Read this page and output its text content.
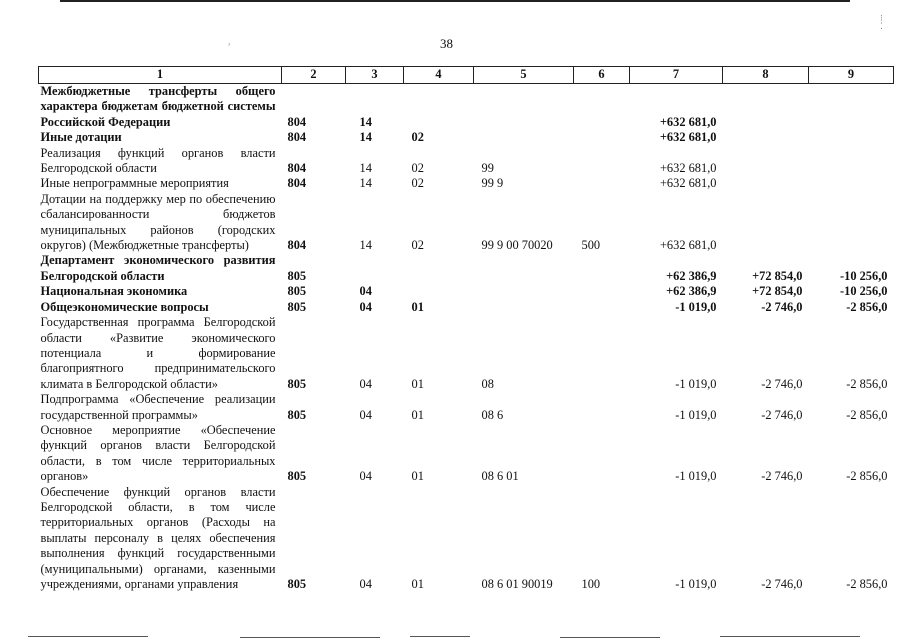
ᵓ
⁝
⁚
38
1	2	3	4	5	6	7	8	9
Межбюджетные трансферты общего характера бюджетам бюджетной системы Российской Федерации	804	14				+632 681,0		
Иные дотации	804	14	02			+632 681,0		
Реализация функций органов власти Белгородской области	804	14	02	99		+632 681,0		
Иные непрограммные мероприятия	804	14	02	99 9		+632 681,0		
Дотации на поддержку мер по обеспечению сбалансированности бюджетов муниципальных районов (городских округов) (Межбюджетные трансферты)	804	14	02	99 9 00 70020	500	+632 681,0		
Департамент экономического развития Белгородской области	805					+62 386,9	+72 854,0	-10 256,0
Национальная экономика	805	04				+62 386,9	+72 854,0	-10 256,0
Общеэкономические вопросы	805	04	01			-1 019,0	-2 746,0	-2 856,0
Государственная программа Белгородской области «Развитие экономического потенциала и формирование благоприятного предпринимательского климата в Белгородской области»	805	04	01	08		-1 019,0	-2 746,0	-2 856,0
Подпрограмма «Обеспечение реализации государственной программы»	805	04	01	08 6		-1 019,0	-2 746,0	-2 856,0
Основное мероприятие «Обеспечение функций органов власти Белгородской области, в том числе территориальных органов»	805	04	01	08 6 01		-1 019,0	-2 746,0	-2 856,0
Обеспечение функций органов власти Белгородской области, в том числе территориальных органов (Расходы на выплаты персоналу в целях обеспечения выполнения функций государственными (муниципальными) органами, казенными учреждениями, органами управления	805	04	01	08 6 01 90019	100	-1 019,0	-2 746,0	-2 856,0
